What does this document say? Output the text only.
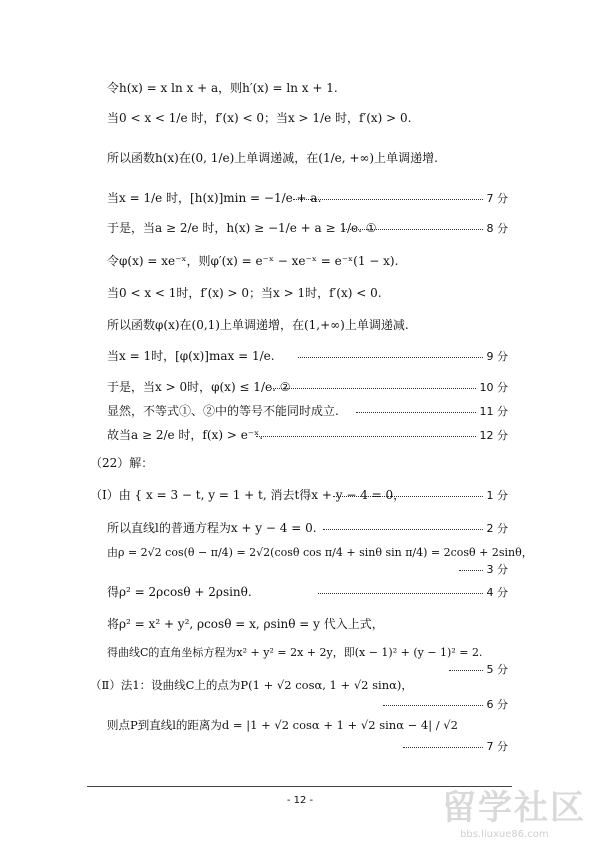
令h(x) = x ln x + a，则h′(x) = ln x + 1.
当0 < x < 1/e 时，f′(x) < 0；当x > 1/e 时，f′(x) > 0.
所以函数h(x)在(0, 1/e)上单调递减，在(1/e, +∞)上单调递增.
当x = 1/e 时，[h(x)]min = −1/e + a.	7 分
于是，当a ≥ 2/e 时，h(x) ≥ −1/e + a ≥ 1/e. ①	8 分
令φ(x) = xe⁻ˣ，则φ′(x) = e⁻ˣ − xe⁻ˣ = e⁻ˣ(1 − x).
当0 < x < 1时，f′(x) > 0；当x > 1时，f′(x) < 0.
所以函数φ(x)在(0,1)上单调递增，在(1,+∞)上单调递减.
当x = 1时，[φ(x)]max = 1/e.	9 分
于是，当x > 0时，φ(x) ≤ 1/e. ②	10 分
显然，不等式①、②中的等号不能同时成立.	11 分
故当a ≥ 2/e 时，f(x) > e⁻ˣ.	12 分
（22）解：
（Ⅰ）由 { x = 3 − t, y = 1 + t, 消去t得x + y − 4 = 0，	1 分
所以直线l的普通方程为x + y − 4 = 0.	2 分
由ρ = 2√2 cos(θ − π/4) = 2√2(cosθ cos π/4 + sinθ sin π/4) = 2cosθ + 2sinθ，
3 分
得ρ² = 2ρcosθ + 2ρsinθ.	4 分
将ρ² = x² + y², ρcosθ = x, ρsinθ = y 代入上式，
得曲线C的直角坐标方程为x² + y² = 2x + 2y，即(x − 1)² + (y − 1)² = 2.
5 分
（Ⅱ）法1：设曲线C上的点为P(1 + √2 cosα, 1 + √2 sinα)，
6 分
则点P到直线l的距离为d = |1 + √2 cosα + 1 + √2 sinα − 4| / √2
7 分
- 12 -	留学社区
bbs.liuxue86.com
